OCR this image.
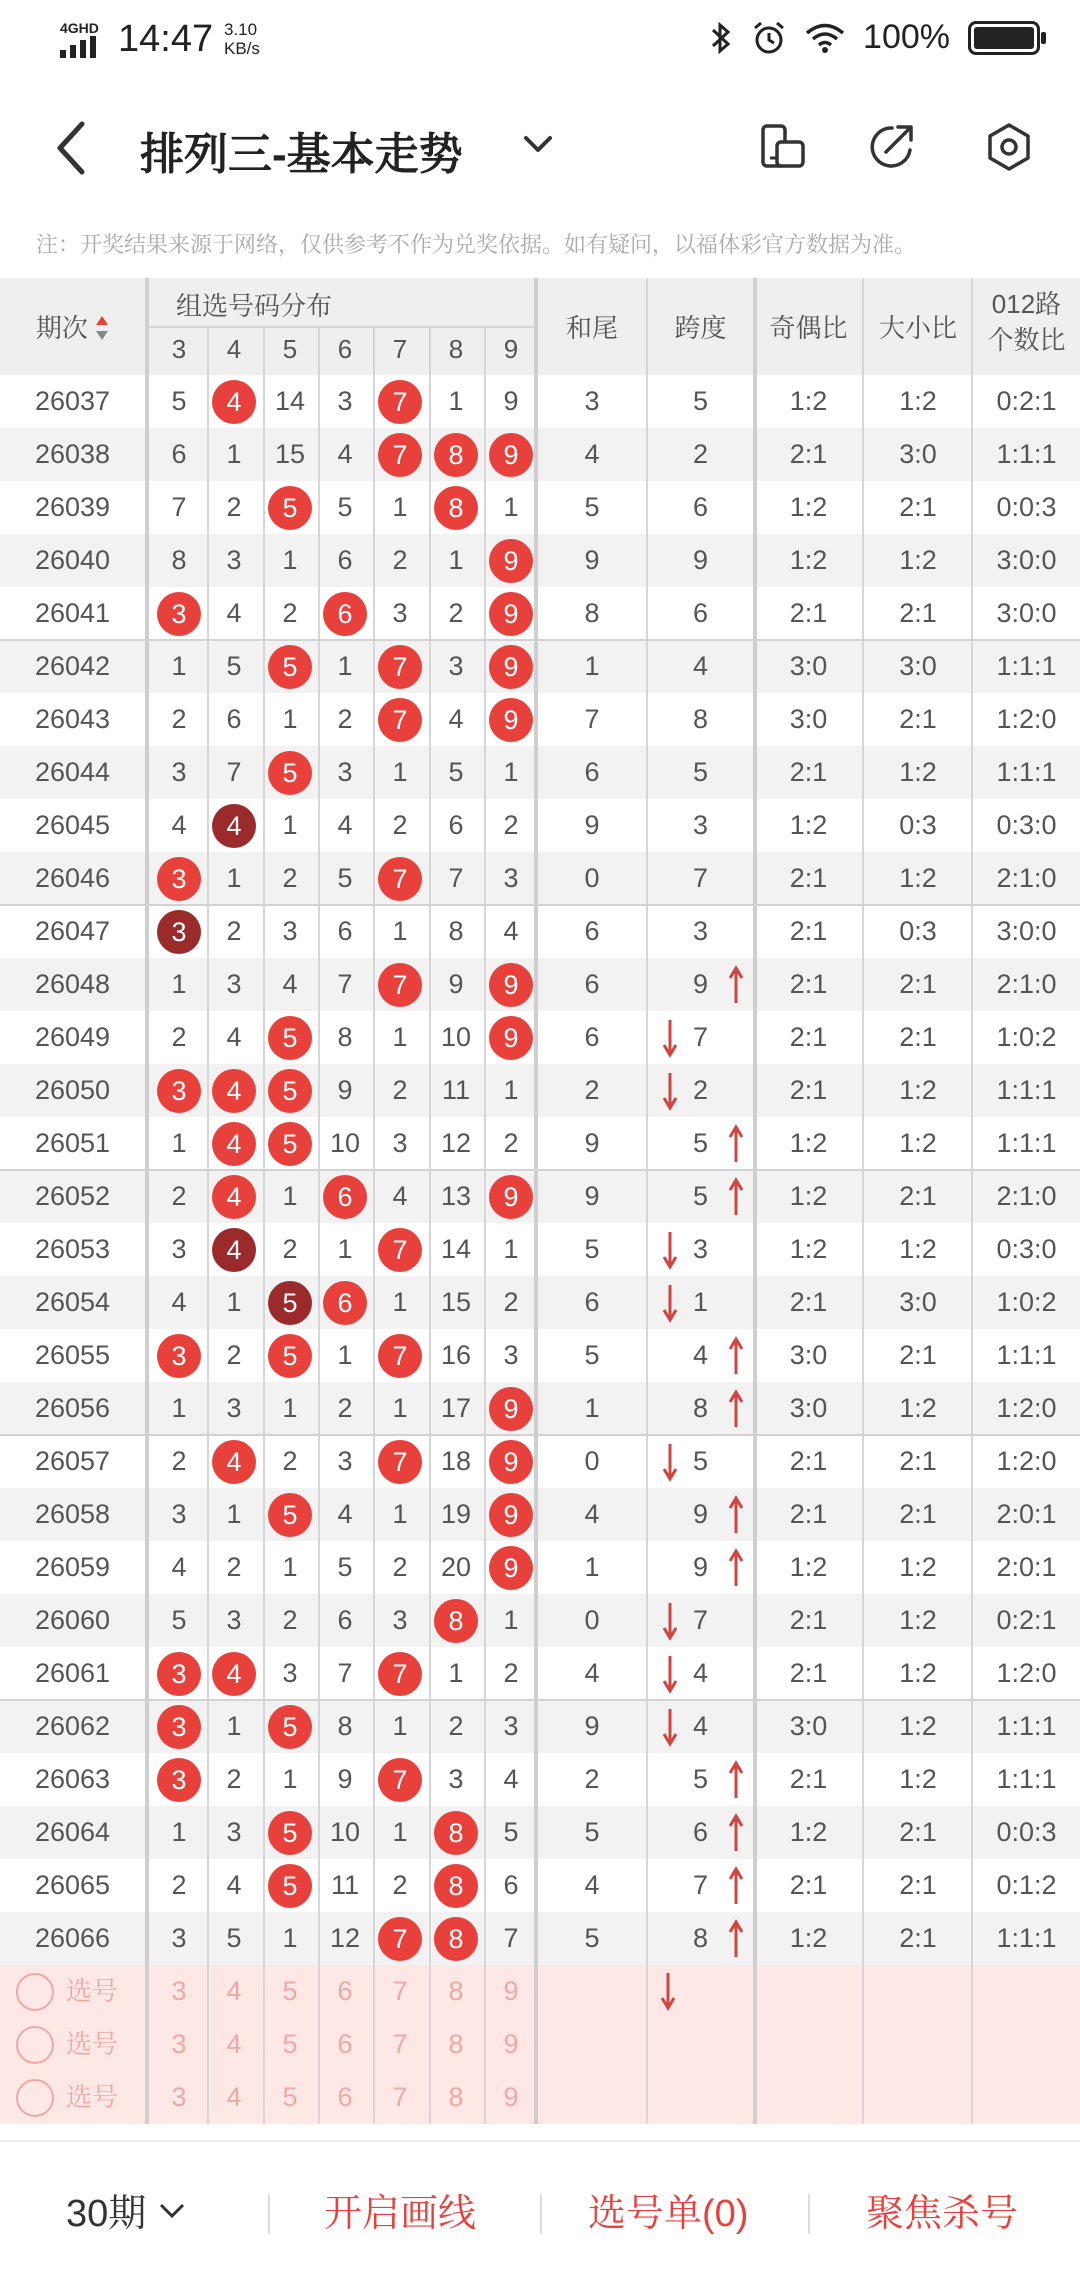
4GHD 14:47 3.10
KB/s	100%
排列三-基本走势
注：开奖结果来源于网络，仅供参考不作为兑奖依据。如有疑问，以福体彩官方数据为准。
期次
组选号码分布
和尾	跨度	奇偶比	大小比
012路
个数比
3	4	5	6	7	8	9
26037	5	4	14	3	7	1	9	3	5	1:2	1:2	0:2:1
26038	6	1	15	4	7	8	9	4	2	2:1	3:0	1:1:1
26039	7	2	5	5	1	8	1	5	6	1:2	2:1	0:0:3
26040	8	3	1	6	2	1	9	9	9	1:2	1:2	3:0:0
26041	3	4	2	6	3	2	9	8	6	2:1	2:1	3:0:0
26042	1	5	5	1	7	3	9	1	4	3:0	3:0	1:1:1
26043	2	6	1	2	7	4	9	7	8	3:0	2:1	1:2:0
26044	3	7	5	3	1	5	1	6	5	2:1	1:2	1:1:1
26045	4	4	1	4	2	6	2	9	3	1:2	0:3	0:3:0
26046	3	1	2	5	7	7	3	0	7	2:1	1:2	2:1:0
26047	3	2	3	6	1	8	4	6	3	2:1	0:3	3:0:0
26048	1	3	4	7	7	9	9	6	9	2:1	2:1	2:1:0
26049	2	4	5	8	1	10	9	6	7	2:1	2:1	1:0:2
26050	3	4	5	9	2	11	1	2	2	2:1	1:2	1:1:1
26051	1	4	5	10	3	12	2	9	5	1:2	1:2	1:1:1
26052	2	4	1	6	4	13	9	9	5	1:2	2:1	2:1:0
26053	3	4	2	1	7	14	1	5	3	1:2	1:2	0:3:0
26054	4	1	5	6	1	15	2	6	1	2:1	3:0	1:0:2
26055	3	2	5	1	7	16	3	5	4	3:0	2:1	1:1:1
26056	1	3	1	2	1	17	9	1	8	3:0	1:2	1:2:0
26057	2	4	2	3	7	18	9	0	5	2:1	2:1	1:2:0
26058	3	1	5	4	1	19	9	4	9	2:1	2:1	2:0:1
26059	4	2	1	5	2	20	9	1	9	1:2	1:2	2:0:1
26060	5	3	2	6	3	8	1	0	7	2:1	1:2	0:2:1
26061	3	4	3	7	7	1	2	4	4	2:1	1:2	1:2:0
26062	3	1	5	8	1	2	3	9	4	3:0	1:2	1:1:1
26063	3	2	1	9	7	3	4	2	5	2:1	1:2	1:1:1
26064	1	3	5	10	1	8	5	5	6	1:2	2:1	0:0:3
26065	2	4	5	11	2	8	6	4	7	2:1	2:1	0:1:2
26066	3	5	1	12	7	8	7	5	8	1:2	2:1	1:1:1
选号	3	4	5	6	7	8	9
选号	3	4	5	6	7	8	9
选号	3	4	5	6	7	8	9
30期	开启画线	选号单(0)	聚焦杀号
